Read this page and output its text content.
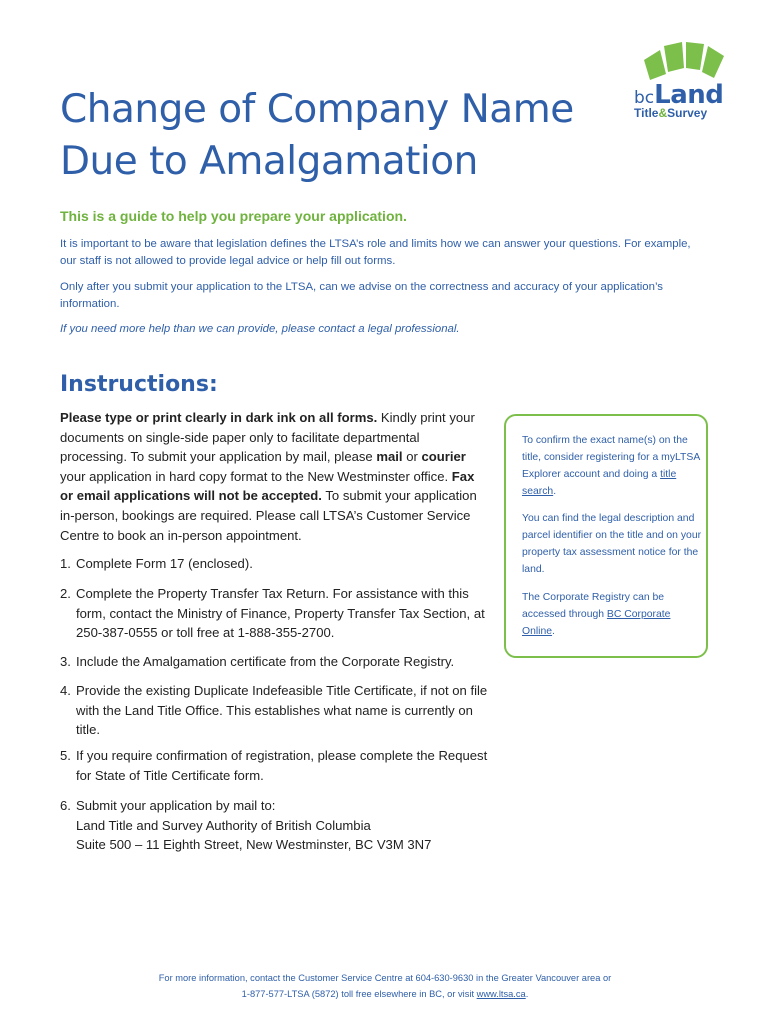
Change of Company Name
Due to Amalgamation
bcLand
Title&Survey
This is a guide to help you prepare your application.
It is important to be aware that legislation defines the LTSA’s role and limits how we can answer your questions. For example,
our staff is not allowed to provide legal advice or help fill out forms.
Only after you submit your application to the LTSA, can we advise on the correctness and accuracy of your application’s
information.
If you need more help than we can provide, please contact a legal professional.
Instructions:
Please type or print clearly in dark ink on all forms. Kindly print your documents on single-side paper only to facilitate departmental processing. To submit your application by mail, please mail or courier your application in hard copy format to the New Westminster office. Fax or email applications will not be accepted. To submit your application in-person, bookings are required. Please call LTSA’s Customer Service Centre to book an in-person appointment.
1. Complete Form 17 (enclosed).
2. Complete the Property Transfer Tax Return. For assistance with this form, contact the Ministry of Finance, Property Transfer Tax Section, at 250-387-0555 or toll free at 1-888-355-2700.
3. Include the Amalgamation certificate from the Corporate Registry.
4. Provide the existing Duplicate Indefeasible Title Certificate, if not on file with the Land Title Office. This establishes what name is currently on title.
5. If you require confirmation of registration, please complete the Request for State of Title Certificate form.
6. Submit your application by mail to:
Land Title and Survey Authority of British Columbia
Suite 500 – 11 Eighth Street, New Westminster, BC V3M 3N7
To confirm the exact name(s) on the title, consider registering for a myLTSA Explorer account and doing a title search.
You can find the legal description and parcel identifier on the title and on your property tax assessment notice for the land.
The Corporate Registry can be accessed through BC Corporate Online.
For more information, contact the Customer Service Centre at 604-630-9630 in the Greater Vancouver area or
1-877-577-LTSA (5872) toll free elsewhere in BC, or visit www.ltsa.ca.
